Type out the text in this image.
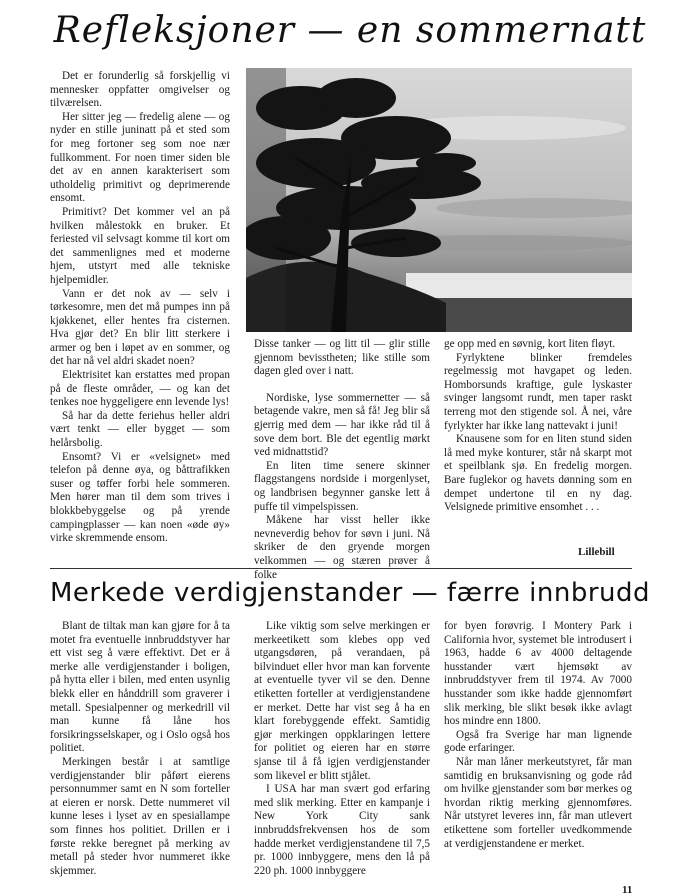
Refleksjoner — en sommernatt

Det er forunderlig så forskjellig vi mennesker oppfatter omgivelser og tilværelsen.

Her sitter jeg — fredelig alene — og nyder en stille juninatt på et sted som for meg fortoner seg som noe nær fullkomment. For noen timer siden ble det av en annen karakterisert som utholdelig primitivt og deprimerende ensomt.

Primitivt? Det kommer vel an på hvilken målestokk en bruker. Et feriested vil selvsagt komme til kort om det sammenlignes med et moderne hjem, utstyrt med alle tekniske hjelpemidler.

Vann er det nok av — selv i tørkesomre, men det må pumpes inn på kjøkkenet, eller hentes fra cisternen. Hva gjør det? En blir litt sterkere i armer og ben i løpet av en sommer, og det har nå vel aldri skadet noen?

Elektrisitet kan erstattes med propan på de fleste områder, — og kan det tenkes noe hyggeligere enn levende lys!

Så har da dette feriehus heller aldri vært tenkt — eller bygget — som helårsbolig.

Ensomt? Vi er «velsignet» med telefon på denne øya, og båttrafikken suser og tøffer forbi hele sommeren. Men hører man til dem som trives i blokkbebyggelse og på yrende campingplasser — kan noen «øde øy» virke skremmende ensom.

Disse tanker — og litt til — glir stille gjennom bevisstheten; like stille som dagen gled over i natt.

Nordiske, lyse sommernetter — så betagende vakre, men så få! Jeg blir så gjerrig med dem — har ikke råd til å sove dem bort. Ble det egentlig mørkt ved midnattstid?

En liten time senere skinner flaggstangens nordside i morgenlyset, og landbrisen begynner ganske lett å puffe til vimpelspissen.

Måkene har visst heller ikke nevneverdig behov for søvn i juni. Nå skriker de den gryende morgen velkommen — og stæren prøver å folke

ge opp med en søvnig, kort liten fløyt.

Fyrlyktene blinker fremdeles regelmessig mot havgapet og leden. Homborsunds kraftige, gule lyskaster svinger langsomt rundt, men taper raskt terreng mot den stigende sol. Å nei, våre fyrlykter har ikke lang nattevakt i juni!

Knausene som for en liten stund siden lå med myke konturer, står nå skarpt mot et speilblank sjø. En fredelig morgen. Bare fuglekor og havets dønning som en dempet undertone til en ny dag. Velsignede primitive ensomhet . . .

Lillebill
Merkede verdigjenstander — færre innbrudd

Blant de tiltak man kan gjøre for å ta motet fra eventuelle innbruddstyver har ett vist seg å være effektivt. Det er å merke alle verdigjenstander i boligen, på hytta eller i bilen, med enten usynlig blekk eller en hånddrill som graverer i metall. Spesialpenner og merkedrill vil man kunne få låne hos forsikringsselskaper, og i Oslo også hos politiet.

Merkingen består i at samtlige verdigjenstander blir påført eierens personnummer samt en N som forteller at eieren er norsk. Dette nummeret vil kunne leses i lyset av en spesiallampe som finnes hos politiet. Drillen er i første rekke beregnet på merking av metall på steder hvor nummeret ikke skjemmer.

Like viktig som selve merkingen er merkeetikett som klebes opp ved utgangsdøren, på verandaen, på bilvinduet eller hvor man kan forvente at eventuelle tyver vil se den. Denne etiketten forteller at verdigjenstandene er merket. Dette har vist seg å ha en klart forebyggende effekt. Samtidig gjør merkingen oppklaringen lettere for politiet og eieren har en større sjanse til å få igjen verdigjenstander som likevel er blitt stjålet.

I USA har man svært god erfaring med slik merking. Etter en kampanje i New York City sank innbruddsfrekvensen hos de som hadde merket verdigjenstandene til 7,5 pr. 1000 innbyggere, mens den lå på 220 ph. 1000 innbyggere

for byen forøvrig. I Montery Park i California hvor, systemet ble introdusert i 1963, hadde 6 av 4000 deltagende husstander vært hjemsøkt av innbruddstyver frem til 1974. Av 7000 husstander som ikke hadde gjennomført slik merking, ble slikt besøk ikke avlagt hos mindre enn 1800.

Også fra Sverige har man lignende gode erfaringer.

Når man låner merkeutstyret, får man samtidig en bruksanvisning og gode råd om hvilke gjenstander som bør merkes og hvordan riktig merking gjennomføres. Når utstyret leveres inn, får man utlevert etikettene som forteller uvedkommende at verdigjenstandene er merket.

11
